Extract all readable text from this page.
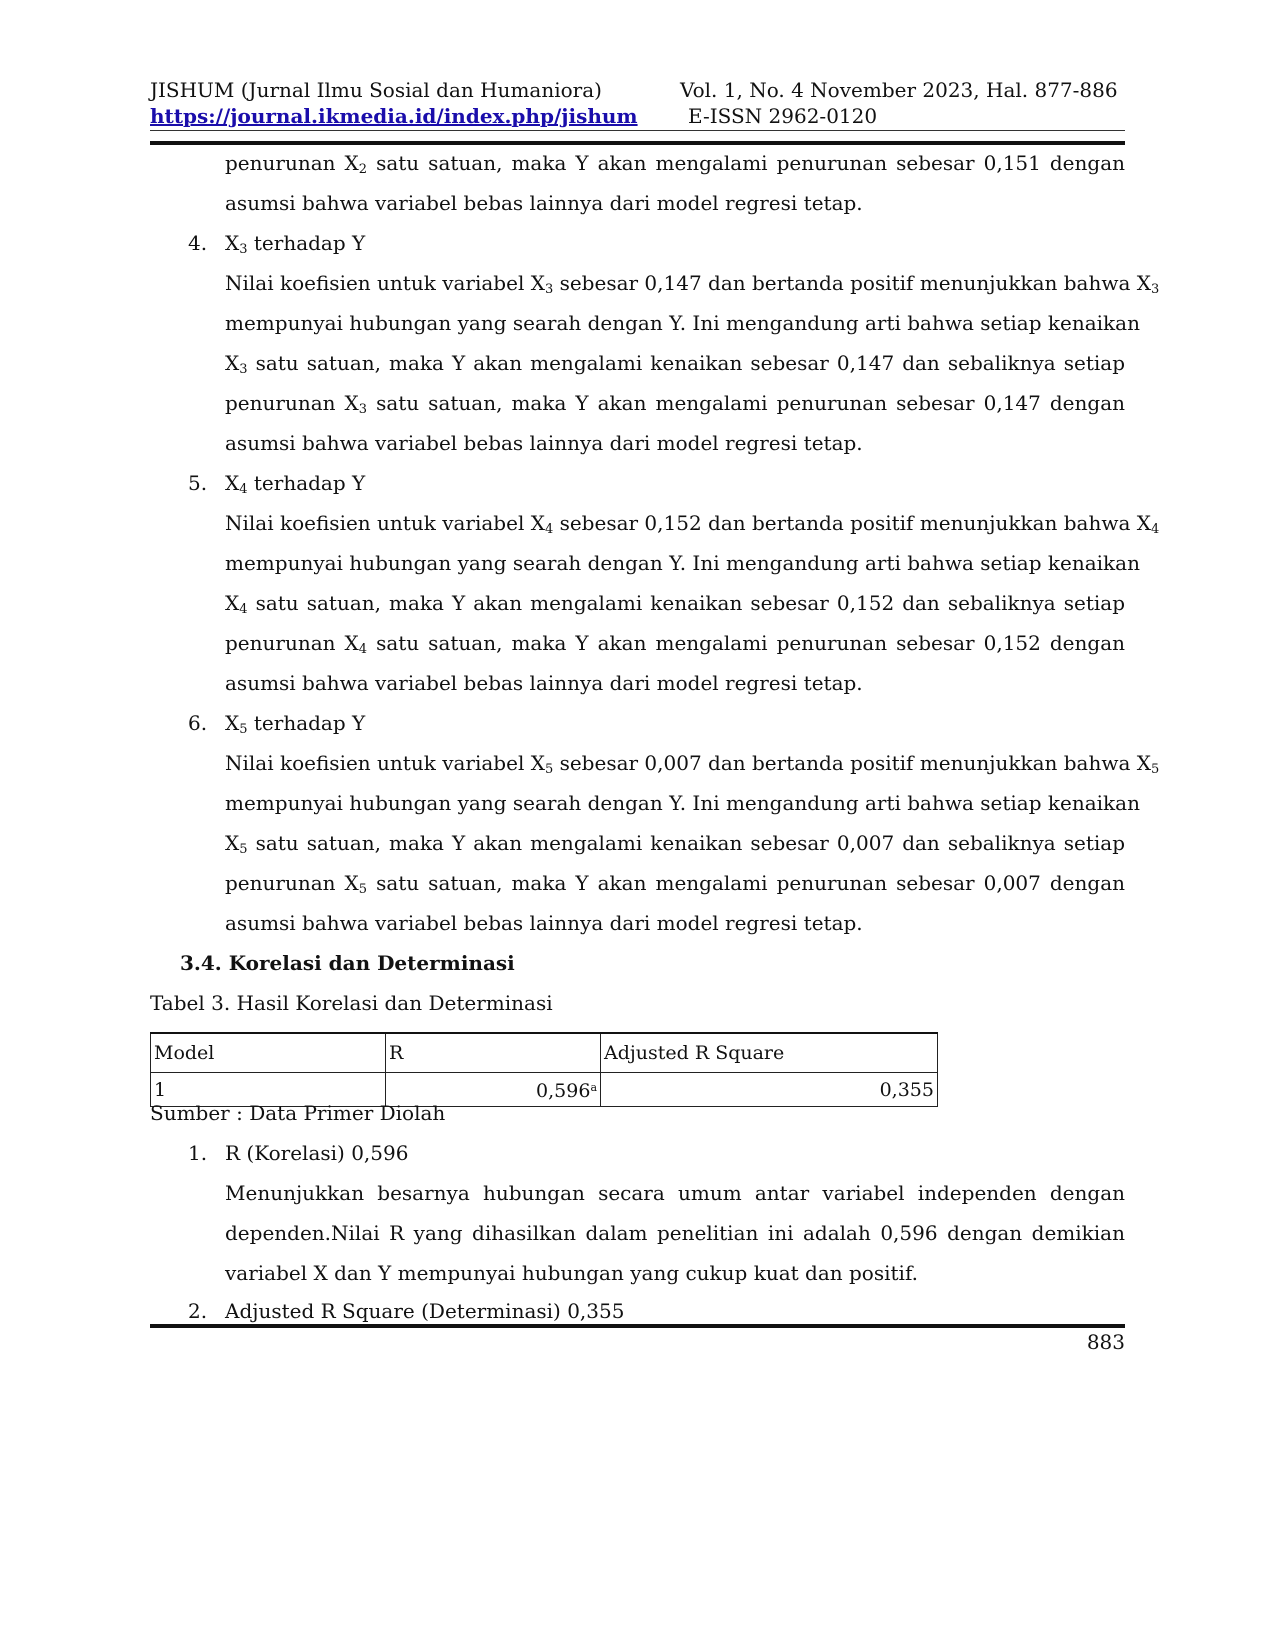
JISHUM (Jurnal Ilmu Sosial dan Humaniora)
https://journal.ikmedia.id/index.php/jishum
Vol. 1, No. 4 November 2023, Hal. 877-886
E-ISSN 2962-0120
penurunan $X_2$ satu satuan, maka Y akan mengalami penurunan sebesar 0,151 dengan
asumsi bahwa variabel bebas lainnya dari model regresi tetap.
4. $X_3$ terhadap Y
Nilai koefisien untuk variabel $X_3$ sebesar 0,147 dan bertanda positif menunjukkan bahwa $X_3$
mempunyai hubungan yang searah dengan Y. Ini mengandung arti bahwa setiap kenaikan
$X_3$ satu satuan, maka Y akan mengalami kenaikan sebesar 0,147 dan sebaliknya setiap
penurunan $X_3$ satu satuan, maka Y akan mengalami penurunan sebesar 0,147 dengan
asumsi bahwa variabel bebas lainnya dari model regresi tetap.
5. $X_4$ terhadap Y
Nilai koefisien untuk variabel $X_4$ sebesar 0,152 dan bertanda positif menunjukkan bahwa $X_4$
mempunyai hubungan yang searah dengan Y. Ini mengandung arti bahwa setiap kenaikan
$X_4$ satu satuan, maka Y akan mengalami kenaikan sebesar 0,152 dan sebaliknya setiap
penurunan $X_4$ satu satuan, maka Y akan mengalami penurunan sebesar 0,152 dengan
asumsi bahwa variabel bebas lainnya dari model regresi tetap.
6. $X_5$ terhadap Y
Nilai koefisien untuk variabel $X_5$ sebesar 0,007 dan bertanda positif menunjukkan bahwa $X_5$
mempunyai hubungan yang searah dengan Y. Ini mengandung arti bahwa setiap kenaikan
$X_5$ satu satuan, maka Y akan mengalami kenaikan sebesar 0,007 dan sebaliknya setiap
penurunan $X_5$ satu satuan, maka Y akan mengalami penurunan sebesar 0,007 dengan
asumsi bahwa variabel bebas lainnya dari model regresi tetap.
3.4. Korelasi dan Determinasi
Tabel 3. Hasil Korelasi dan Determinasi
Model	R	Adjusted R Square
1	0,596$^a$	0,355
Sumber : Data Primer Diolah
1. R (Korelasi) 0,596
Menunjukkan besarnya hubungan secara umum antar variabel independen dengan
dependen.Nilai R yang dihasilkan dalam penelitian ini adalah 0,596 dengan demikian
variabel X dan Y mempunyai hubungan yang cukup kuat dan positif.
2. Adjusted R Square (Determinasi) 0,355
883
